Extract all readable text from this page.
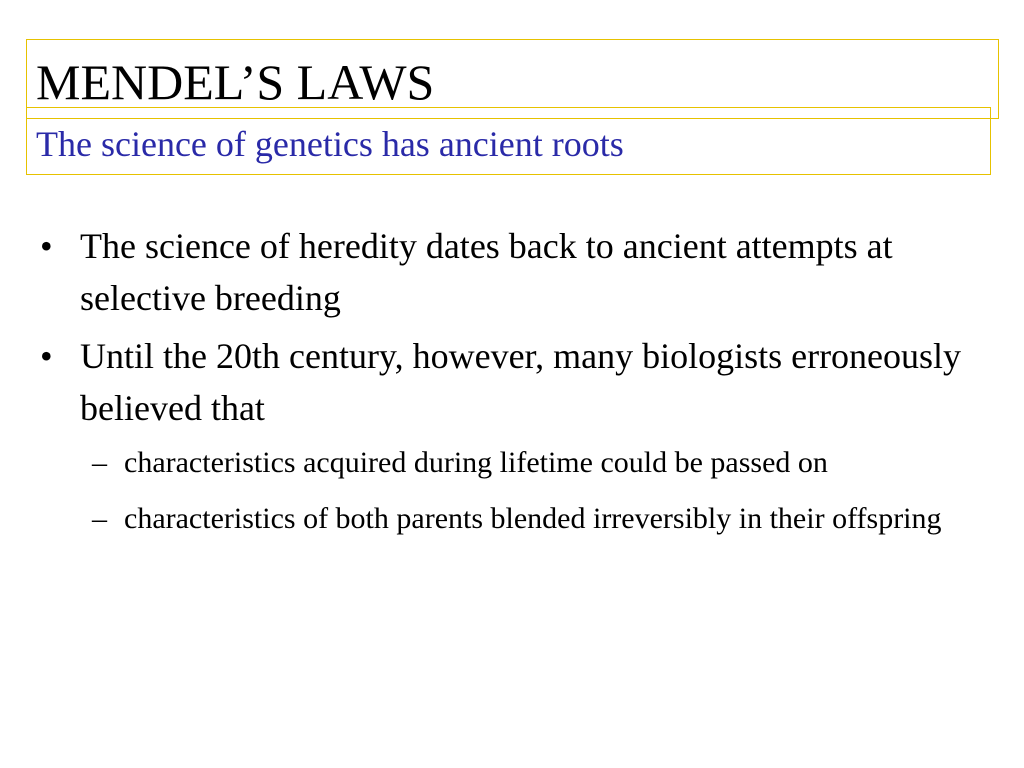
MENDEL’S LAWS
The science of genetics has ancient roots
• The science of heredity dates back to ancient attempts at selective breeding
• Until the 20th century, however, many biologists erroneously believed that
– characteristics acquired during lifetime could be passed on
– characteristics of both parents blended irreversibly in their offspring
